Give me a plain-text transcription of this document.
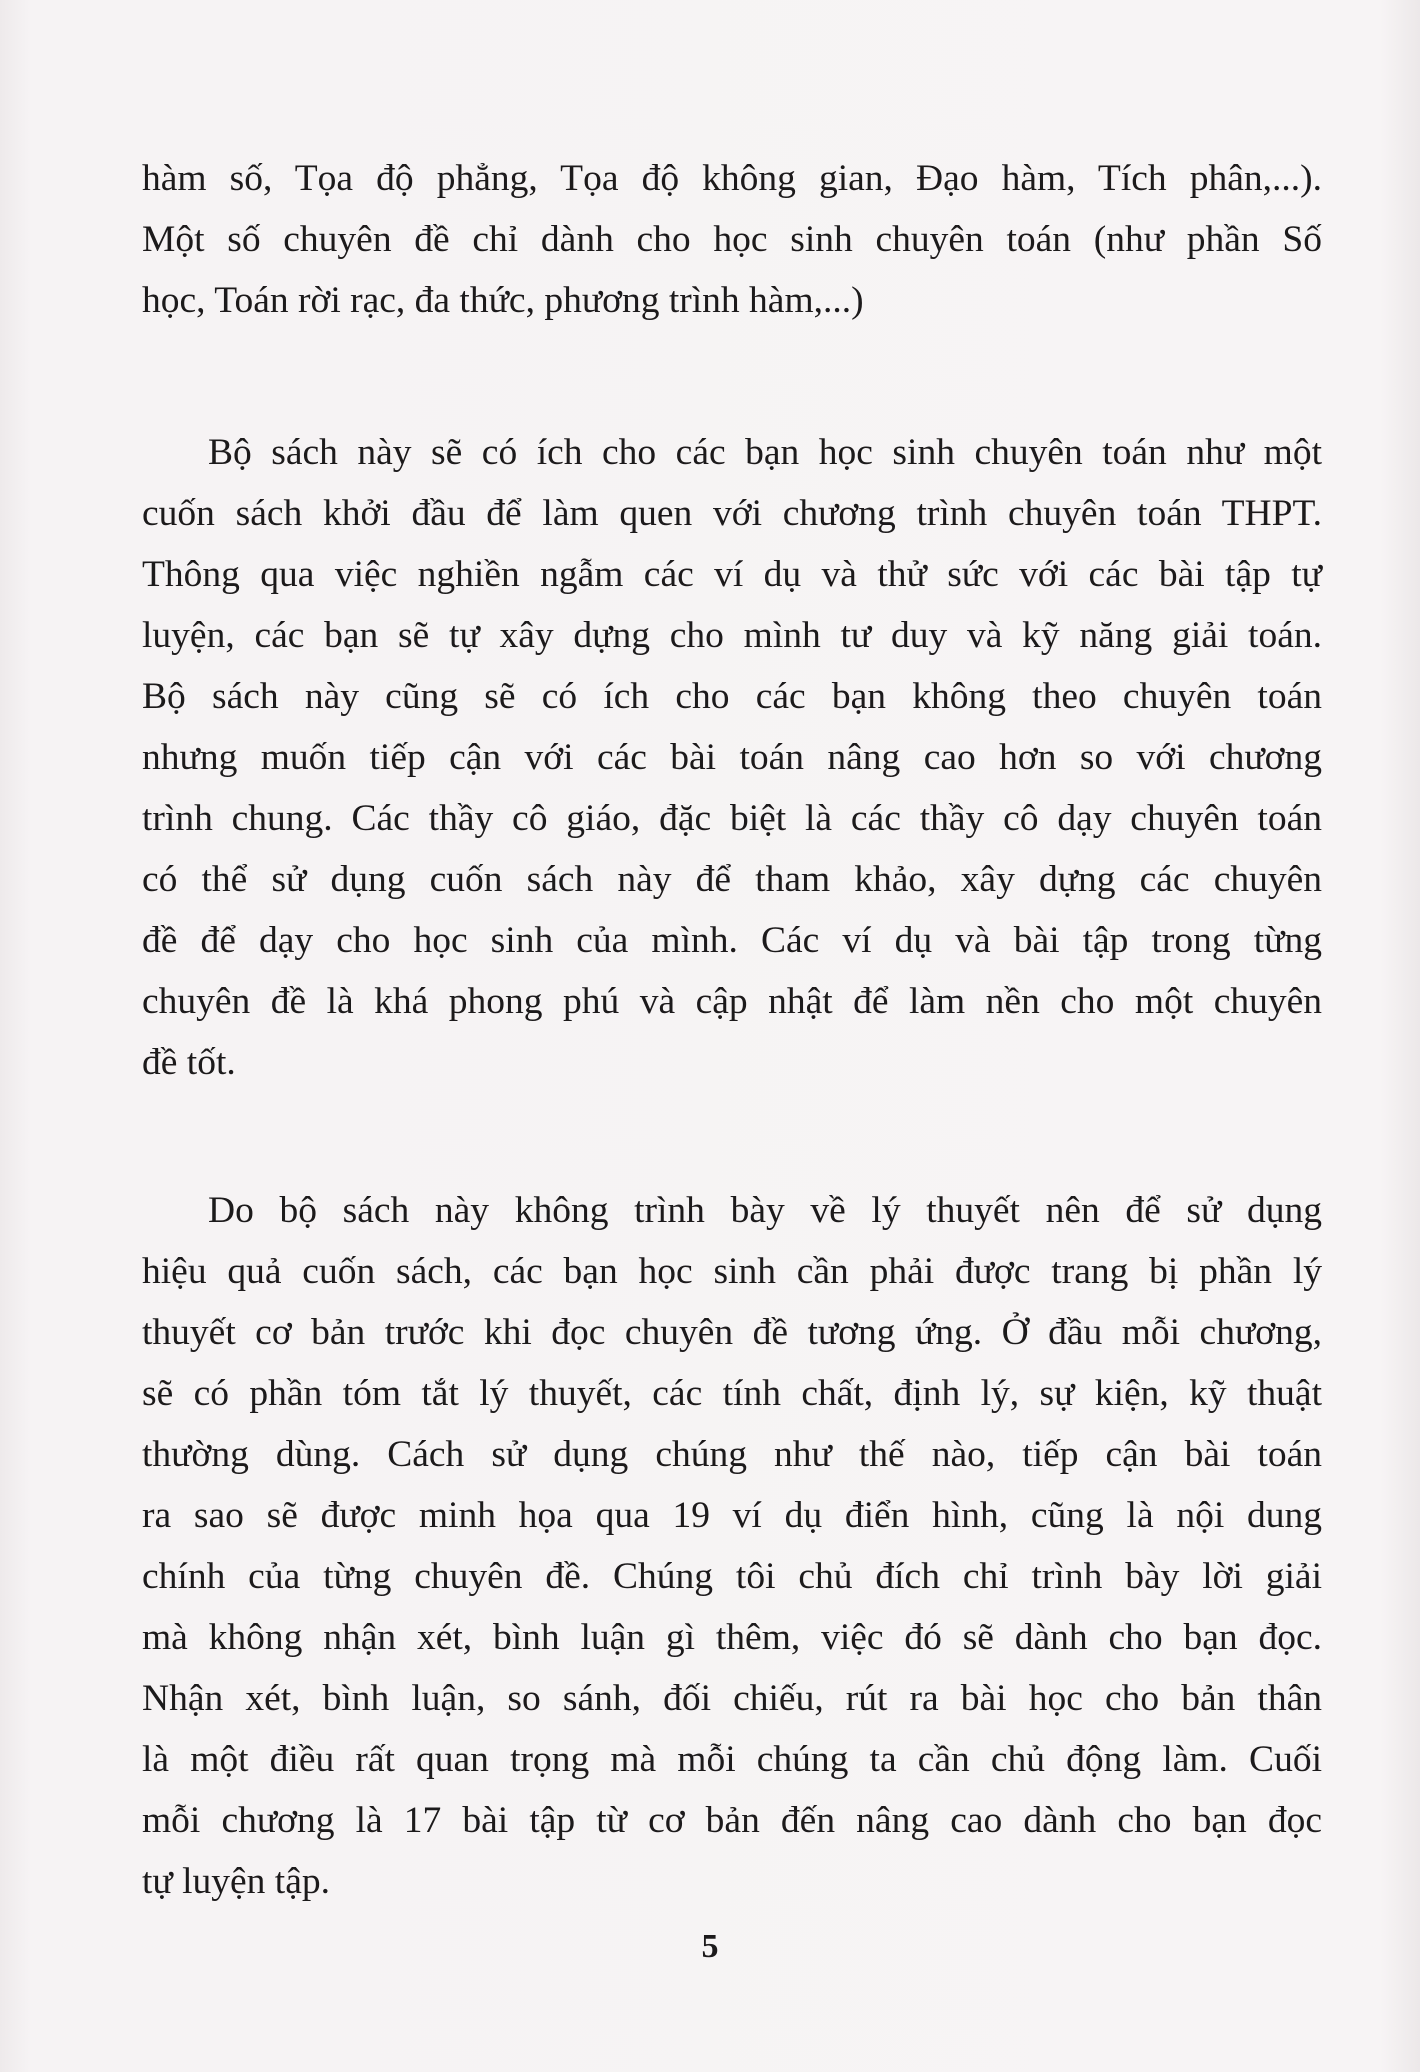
hàm số, Tọa độ phẳng, Tọa độ không gian, Đạo hàm, Tích phân,...).
Một số chuyên đề chỉ dành cho học sinh chuyên toán (như phần Số
học, Toán rời rạc, đa thức, phương trình hàm,...)
Bộ sách này sẽ có ích cho các bạn học sinh chuyên toán như một
cuốn sách khởi đầu để làm quen với chương trình chuyên toán THPT.
Thông qua việc nghiền ngẫm các ví dụ và thử sức với các bài tập tự
luyện, các bạn sẽ tự xây dựng cho mình tư duy và kỹ năng giải toán.
Bộ sách này cũng sẽ có ích cho các bạn không theo chuyên toán
nhưng muốn tiếp cận với các bài toán nâng cao hơn so với chương
trình chung. Các thầy cô giáo, đặc biệt là các thầy cô dạy chuyên toán
có thể sử dụng cuốn sách này để tham khảo, xây dựng các chuyên
đề để dạy cho học sinh của mình. Các ví dụ và bài tập trong từng
chuyên đề là khá phong phú và cập nhật để làm nền cho một chuyên
đề tốt.
Do bộ sách này không trình bày về lý thuyết nên để sử dụng
hiệu quả cuốn sách, các bạn học sinh cần phải được trang bị phần lý
thuyết cơ bản trước khi đọc chuyên đề tương ứng. Ở đầu mỗi chương,
sẽ có phần tóm tắt lý thuyết, các tính chất, định lý, sự kiện, kỹ thuật
thường dùng. Cách sử dụng chúng như thế nào, tiếp cận bài toán
ra sao sẽ được minh họa qua 19 ví dụ điển hình, cũng là nội dung
chính của từng chuyên đề. Chúng tôi chủ đích chỉ trình bày lời giải
mà không nhận xét, bình luận gì thêm, việc đó sẽ dành cho bạn đọc.
Nhận xét, bình luận, so sánh, đối chiếu, rút ra bài học cho bản thân
là một điều rất quan trọng mà mỗi chúng ta cần chủ động làm. Cuối
mỗi chương là 17 bài tập từ cơ bản đến nâng cao dành cho bạn đọc
tự luyện tập.
5
